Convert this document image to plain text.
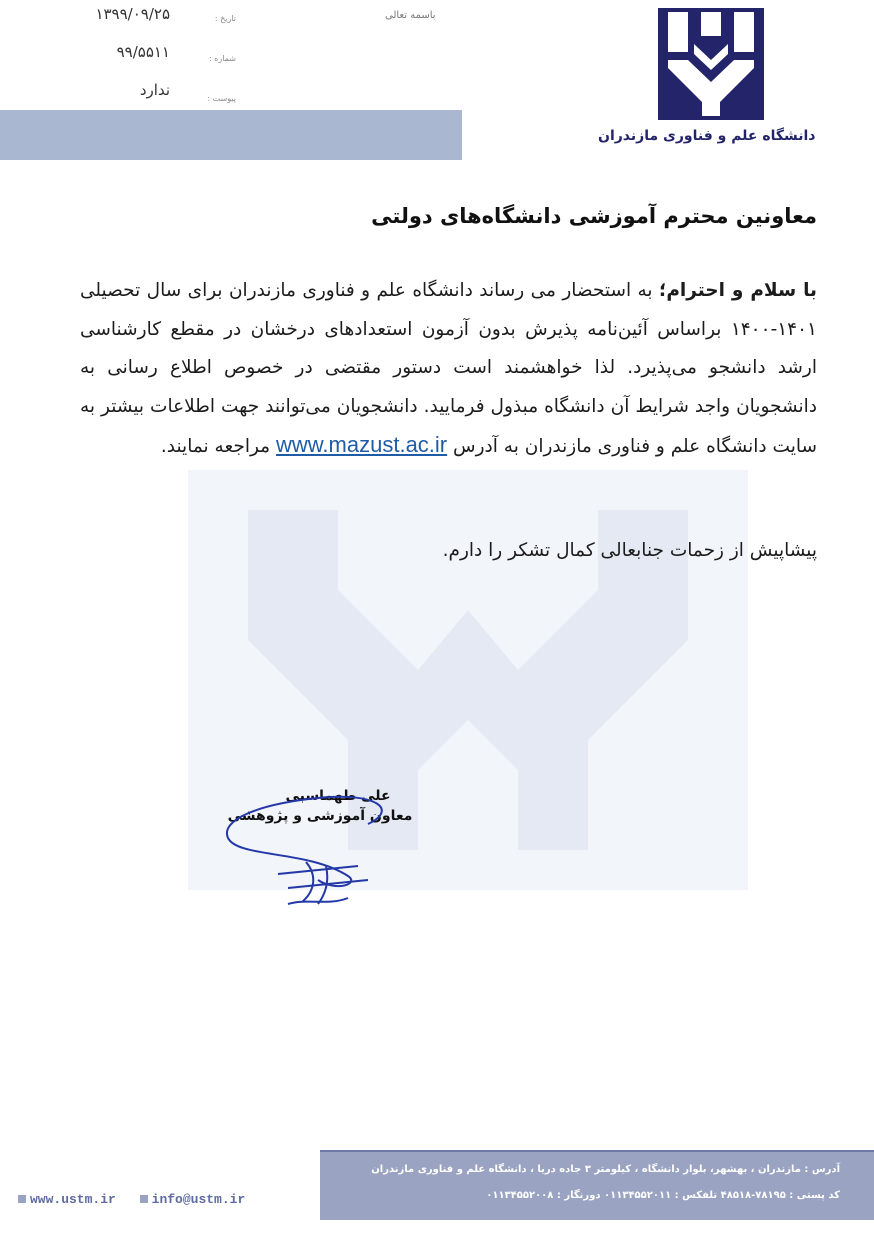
تاریخ :
شماره :
پیوست :
۱۳۹۹/۰۹/۲۵
۹۹/۵۵۱۱
ندارد
باسمه تعالی
دانشگاه علم و فناوری مازندران
معاونین محترم آموزشی دانشگاه‌های دولتی
با سلام و احترام؛ به استحضار می رساند دانشگاه علم و فناوری مازندران برای سال تحصیلی ۱۴۰۱-۱۴۰۰ براساس آئین‌نامه پذیرش بدون آزمون استعدادهای درخشان در مقطع کارشناسی ارشد دانشجو می‌پذیرد. لذا خواهشمند است دستور مقتضی در خصوص اطلاع رسانی به دانشجویان واجد شرایط آن دانشگاه مبذول فرمایید. دانشجویان می‌توانند جهت اطلاعات بیشتر به سایت دانشگاه علم و فناوری مازندران به آدرس www.mazust.ac.ir مراجعه نمایند.
پیشاپیش از زحمات جنابعالی کمال تشکر را دارم.
علی طهماسبی
معاون آموزشی و پژوهشی
آدرس : مازندران ، بهشهر، بلوار دانشگاه ، کیلومتر ۳ جاده دریا ، دانشگاه علم و فناوری مازندران
کد پستی : ۷۸۱۹۵-۴۸۵۱۸ تلفکس : ۰۱۱۳۴۵۵۲۰۱۱ دورنگار : ۰۱۱۳۴۵۵۲۰۰۸
www.ustm.ir	info@ustm.ir
